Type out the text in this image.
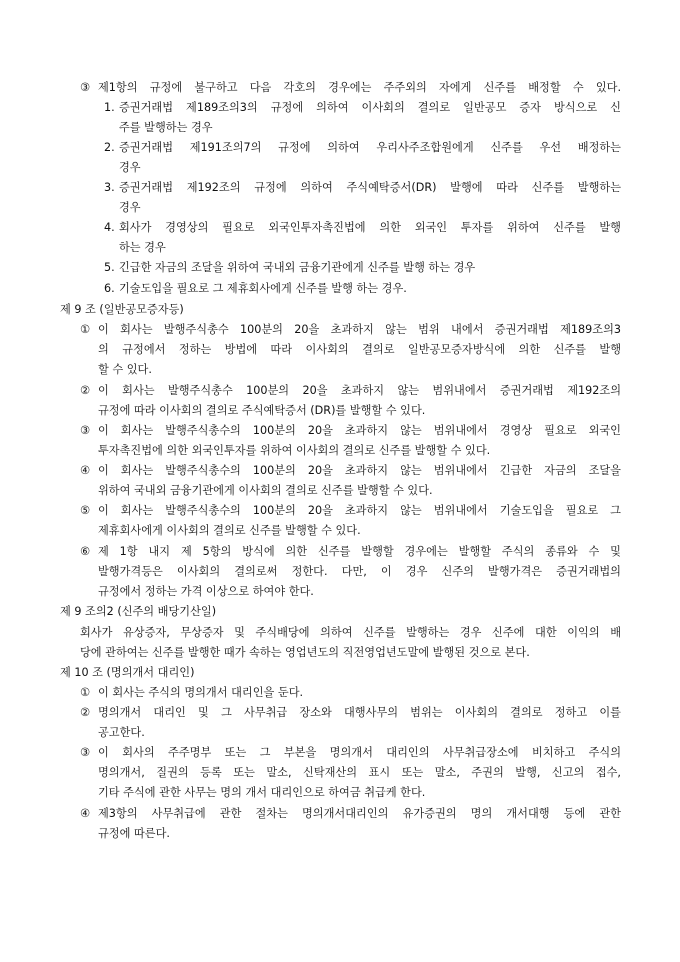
③ 제1항의 규정에 불구하고 다음 각호의 경우에는 주주외의 자에게 신주를 배정할 수 있다.
1. 증권거래법 제189조의3의 규정에 의하여 이사회의 결의로 일반공모 증자 방식으로 신
주를 발행하는 경우
2. 증권거래법 제191조의7의 규정에 의하여 우리사주조합원에게 신주를 우선 배정하는
경우
3. 증권거래법 제192조의 규정에 의하여 주식예탁증서(DR) 발행에 따라 신주를 발행하는
경우
4. 회사가 경영상의 필요로 외국인투자촉진법에 의한 외국인 투자를 위하여 신주를 발행
하는 경우
5. 긴급한 자금의 조달을 위하여 국내외 금융기관에게 신주를 발행 하는 경우
6. 기술도입을 필요로 그 제휴회사에게 신주를 발행 하는 경우.
제 9 조 (일반공모증자등)
① 이 회사는 발행주식총수 100분의 20을 초과하지 않는 범위 내에서 증권거래법 제189조의3
의 규정에서 정하는 방법에 따라 이사회의 결의로 일반공모증자방식에 의한 신주를 발행
할 수 있다.
② 이 회사는 발행주식총수 100분의 20을 초과하지 않는 범위내에서 증권거래법 제192조의
규정에 따라 이사회의 결의로 주식예탁증서 (DR)를 발행할 수 있다.
③ 이 회사는 발행주식총수의 100분의 20을 초과하지 않는 범위내에서 경영상 필요로 외국인
투자촉진법에 의한 외국인투자를 위하여 이사회의 결의로 신주를 발행할 수 있다.
④ 이 회사는 발행주식총수의 100분의 20을 초과하지 않는 범위내에서 긴급한 자금의 조달을
위하여 국내외 금융기관에게 이사회의 결의로 신주를 발행할 수 있다.
⑤ 이 회사는 발행주식총수의 100분의 20을 초과하지 않는 범위내에서 기술도입을 필요로 그
제휴회사에게 이사회의 결의로 신주를 발행할 수 있다.
⑥ 제 1항 내지 제 5항의 방식에 의한 신주를 발행할 경우에는 발행할 주식의 종류와 수 및
발행가격등은 이사회의 결의로써 정한다. 다만, 이 경우 신주의 발행가격은 증권거래법의
규정에서 정하는 가격 이상으로 하여야 한다.
제 9 조의2 (신주의 배당기산일)
회사가 유상증자, 무상증자 및 주식배당에 의하여 신주를 발행하는 경우 신주에 대한 이익의 배
당에 관하여는 신주를 발행한 때가 속하는 영업년도의 직전영업년도말에 발행된 것으로 본다.
제 10 조 (명의개서 대리인)
① 이 회사는 주식의 명의개서 대리인을 둔다.
② 명의개서 대리인 및 그 사무취급 장소와 대행사무의 범위는 이사회의 결의로 정하고 이를
공고한다.
③ 이 회사의 주주명부 또는 그 부본을 명의개서 대리인의 사무취급장소에 비치하고 주식의
명의개서, 질권의 등록 또는 말소, 신탁재산의 표시 또는 말소, 주권의 발행, 신고의 접수,
기타 주식에 관한 사무는 명의 개서 대리인으로 하여금 취급케 한다.
④ 제3항의 사무취급에 관한 절차는 명의개서대리인의 유가증권의 명의 개서대행 등에 관한
규정에 따른다.
